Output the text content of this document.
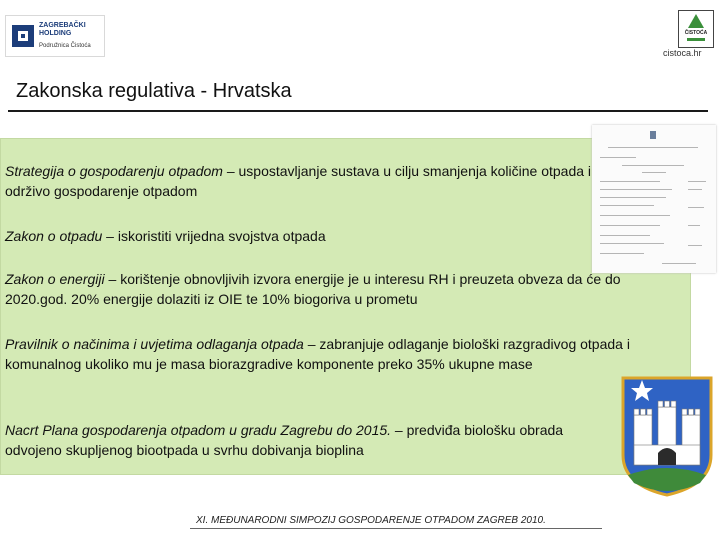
ZAGREBAČKI
HOLDING
Podružnica Čistoća
ČISTOĆA
cistoca.hr
Zakonska regulativa - Hrvatska
Strategija o gospodarenju otpadom – uspostavljanje sustava u cilju smanjenja količine otpada i održivo gospodarenje otpadom
Zakon o otpadu – iskoristiti vrijedna svojstva otpada
Zakon o energiji – korištenje obnovljivih izvora energije je u interesu RH i preuzeta obveza da će do 2020.god. 20% energije dolaziti iz OIE te 10% biogoriva u prometu
Pravilnik o načinima i uvjetima odlaganja otpada – zabranjuje odlaganje biološki razgradivog otpada i komunalnog ukoliko mu je masa biorazgradive komponente preko 35% ukupne mase
Nacrt Plana gospodarenja otpadom u gradu Zagrebu do 2015. – predviđa biološku obrada odvojeno skupljenog biootpada u svrhu dobivanja bioplina
XI. MEĐUNARODNI SIMPOZIJ GOSPODARENJE OTPADOM ZAGREB 2010.
